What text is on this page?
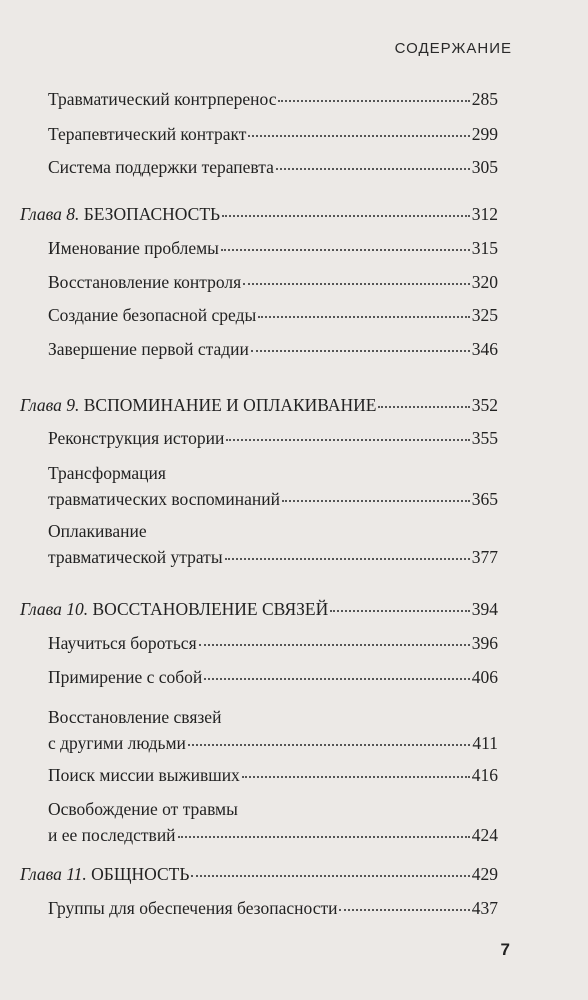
СОДЕРЖАНИЕ
Травматический контрперенос	285
Терапевтический контракт	299
Система поддержки терапевта	305
Глава 8. БЕЗОПАСНОСТЬ	312
Именование проблемы	315
Восстановление контроля	320
Создание безопасной среды	325
Завершение первой стадии	346
Глава 9. ВСПОМИНАНИЕ И ОПЛАКИВАНИЕ	352
Реконструкция истории	355
Трансформация
травматических воспоминаний	365
Оплакивание
травматической утраты	377
Глава 10. ВОССТАНОВЛЕНИЕ СВЯЗЕЙ	394
Научиться бороться	396
Примирение с собой	406
Восстановление связей
с другими людьми	411
Поиск миссии выживших	416
Освобождение от травмы
и ее последствий	424
Глава 11. ОБЩНОСТЬ	429
Группы для обеспечения безопасности	437
7
